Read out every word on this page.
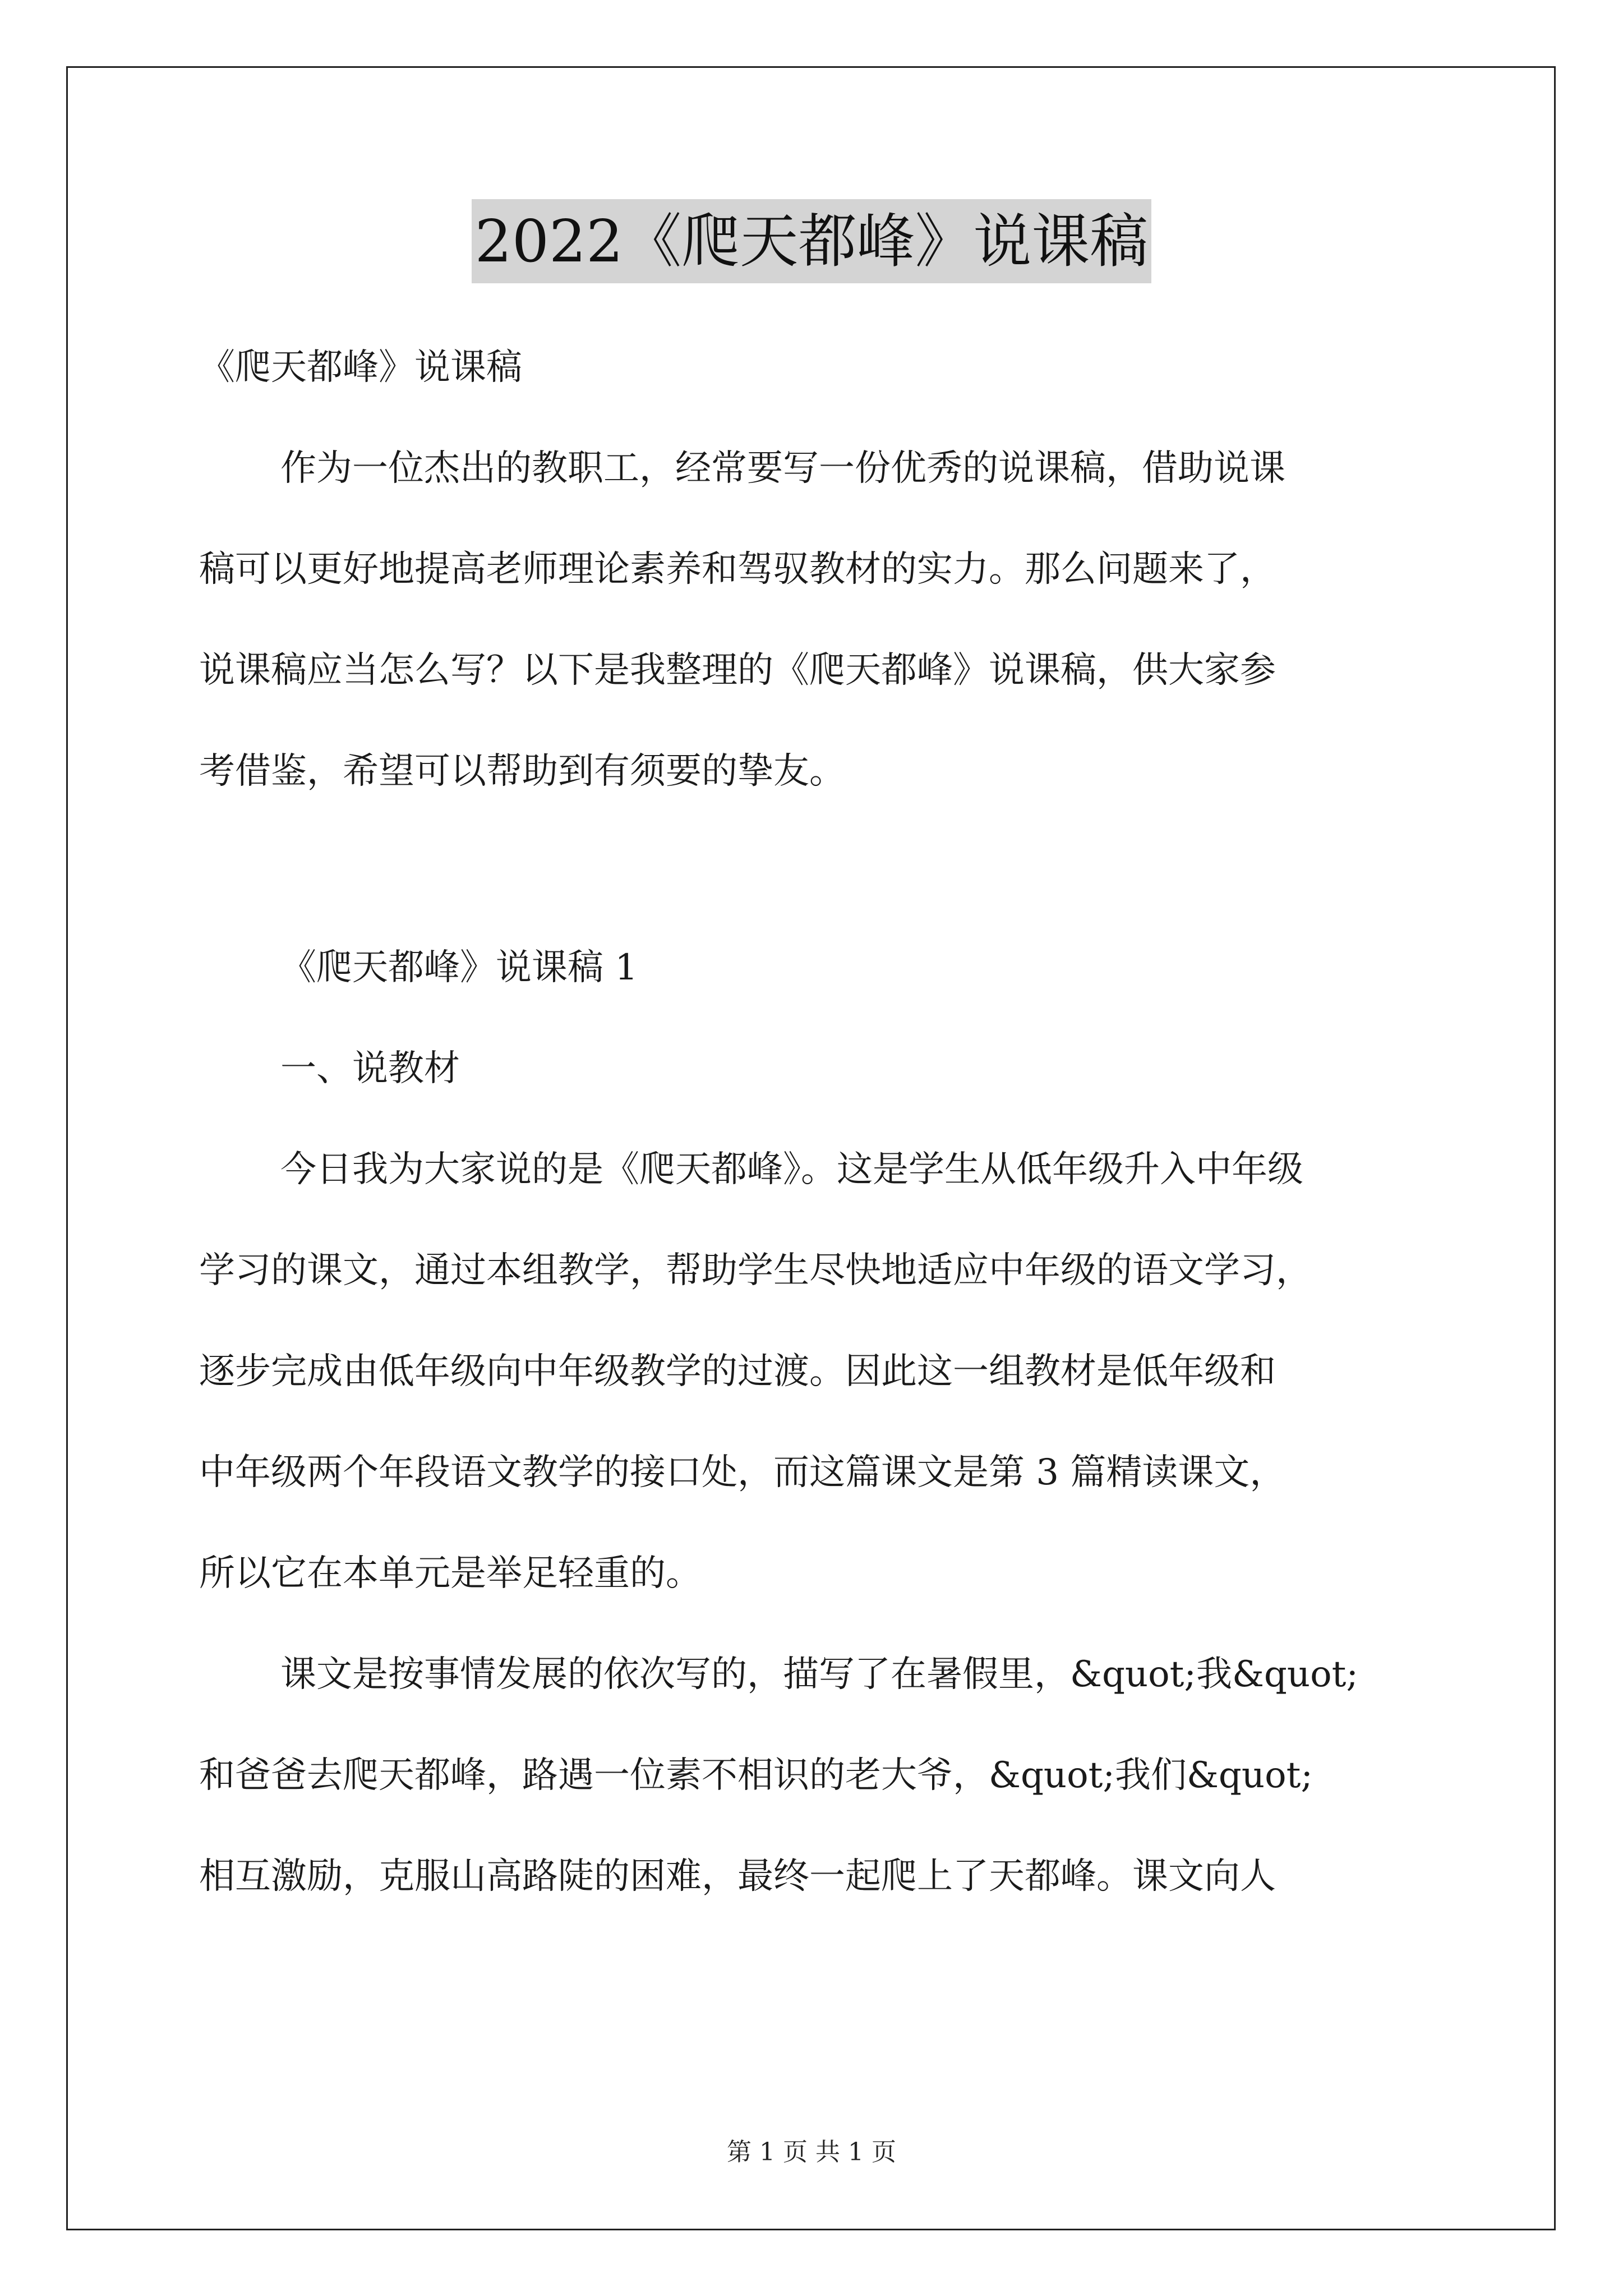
2022《爬天都峰》说课稿

《爬天都峰》说课稿

作为一位杰出的教职工，经常要写一份优秀的说课稿，借助说课

稿可以更好地提高老师理论素养和驾驭教材的实力。那么问题来了，

说课稿应当怎么写？以下是我整理的《爬天都峰》说课稿，供大家参

考借鉴，希望可以帮助到有须要的挚友。

《爬天都峰》说课稿 1

一、说教材

今日我为大家说的是《爬天都峰》。这是学生从低年级升入中年级

学习的课文，通过本组教学，帮助学生尽快地适应中年级的语文学习，

逐步完成由低年级向中年级教学的过渡。因此这一组教材是低年级和

中年级两个年段语文教学的接口处，而这篇课文是第 3 篇精读课文，

所以它在本单元是举足轻重的。

课文是按事情发展的依次写的，描写了在暑假里，&quot;我&quot;

和爸爸去爬天都峰，路遇一位素不相识的老大爷，&quot;我们&quot;

相互激励，克服山高路陡的困难，最终一起爬上了天都峰。课文向人

第 1 页 共 1 页
